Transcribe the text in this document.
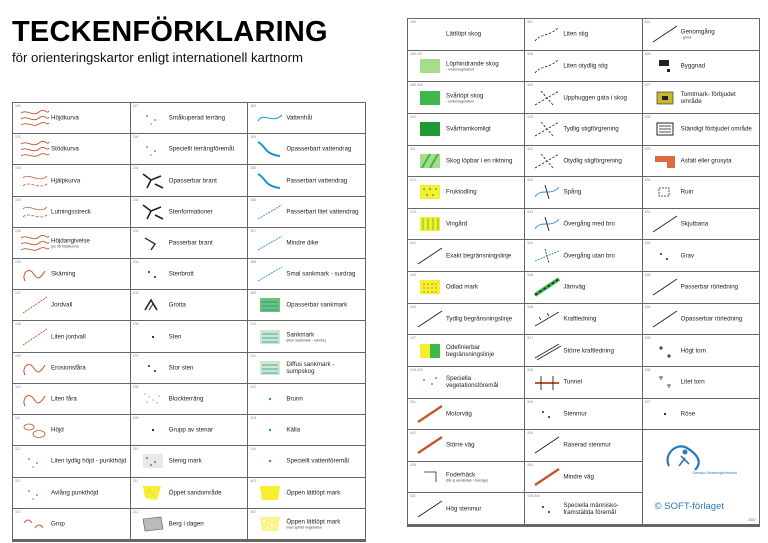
TECKENFÖRKLARING
för orienteringskartor enligt internationell kartnorm
101
Höjdkurva
117
Småkuperad terräng
302
Vattenhål
102
Stödkurva
118
Speciellt terrängföremål
304
Opasserbart vattendrag
103
Hjälpkurva
201
Opasserbar brant
305
Passerbart vattendrag
104
Lutningsstreck
202
Stenformationer
306
Passerbart litet vattendrag
105
Höjdangivelse
(ex 95 höjdkurva)
203
Passerbar brant
307
Mindre dike
106
Skärning
204
Stenbrott
308
Smal sankmark - surdrag
107
Jordvall
205
Grotta
309
Opasserbar sankmark
108
Liten jordvall
206
Sten
310
Sankmark
(liten sankmark - mindre)
109
Erosionsfåra
207
Stor sten
311
Diffus sankmark - sumpskog
110
Liten fåra
208
Blockterräng
312
Brunn
111
Höjd
209
Grupp av stenar
313
Källa
112
Liten tydlig höjd - punkthöjd
210
Stenig mark
314
Speciellt vattenföremål
113
Avlång punkthöjd
211
Öppet sandområde
401
Öppen lättlöpt mark
114
Grop
212
Berg i dagen
402
Öppen lättlöpt mark
med spridd vegetation
405
Lättlöpt skog
507
Liten stig
521
Genomgång
- grind
406-407
Löphindrande skog
- undervegetation
508
Liten otydlig stig
526
Byggnad
408-409
Svårlöpt skog
- undervegetation
509
Upphuggen gata i skog
527
Tomtmark- förbjudet område
410
Svårframkomligt
510
Tydlig stigförgrening
528
Ständigt förbjudet område
411
Skog löpbar i en riktning
511
Otydlig stigförgrening
529
Asfalt eller grusyta
412
Fruktodling
512
Spång
530
Ruin
413
Vingård
513
Övergång med bro
531
Skjutbana
414
Exakt begränsningslinje
514
Övergång utan bro
532
Grav
415
Odlad mark
515
Järnväg
533
Passerbar rörledning
416
Tydlig begränsningslinje
516
Kraftledning
534
Opasserbar rörledning
417
Odefinierbar begränsningslinje
517
Större kraftledning
535
Högt torn
418-420
Speciella vegetationsföremål
518
Tunnel
536
Litet torn
501
Motorväg
519
Stenmur
537
Röse
502
Större väg
520
Raserad stenmur
538
Foderhäck
(får ej användas i Sverige)
503
Mindre väg
521
Hög stenmur
539-540
Speciella människo- framställda föremål
Svenska Orienteringsförbundet
© SOFT-förlaget
2007
